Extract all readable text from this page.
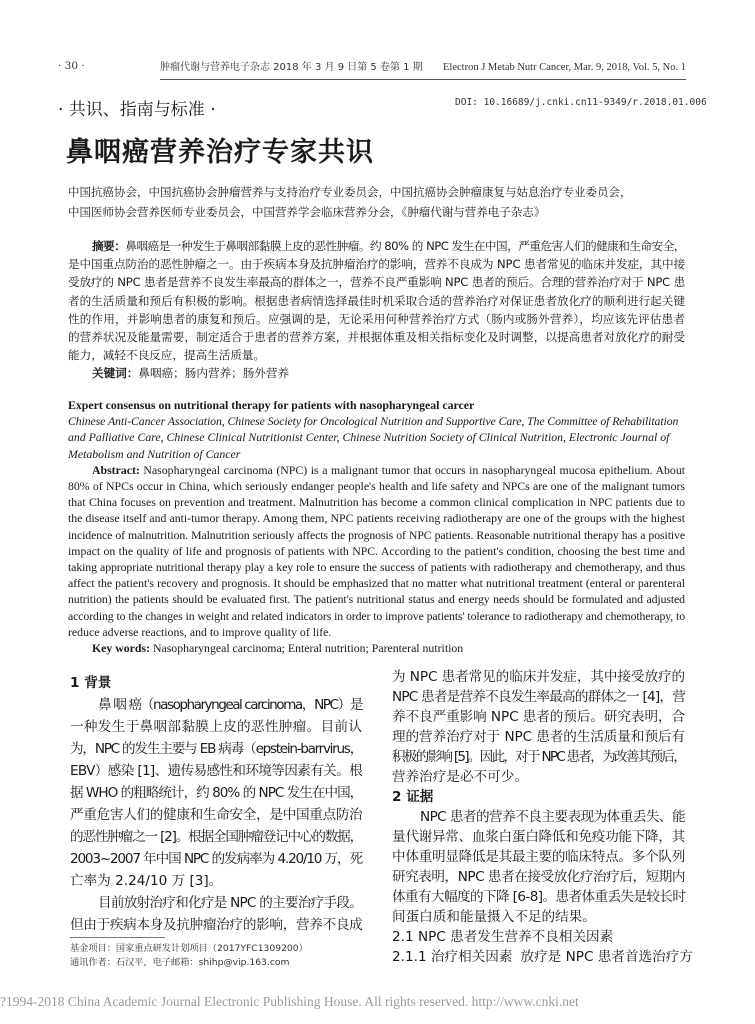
· 30 ·	肿瘤代谢与营养电子杂志 2018 年 3 月 9 日第 5 卷第 1 期 Electron J Metab Nutr Cancer, Mar. 9, 2018, Vol. 5, No. 1
· 共识、指南与标准 ·	DOI: 10.16689/j.cnki.cn11-9349/r.2018.01.006
鼻咽癌营养治疗专家共识
中国抗癌协会，中国抗癌协会肿瘤营养与支持治疗专业委员会，中国抗癌协会肿瘤康复与姑息治疗专业委员会，
中国医师协会营养医师专业委员会，中国营养学会临床营养分会，《肿瘤代谢与营养电子杂志》
摘要：鼻咽癌是一种发生于鼻咽部黏膜上皮的恶性肿瘤。约 80% 的 NPC 发生在中国，严重危害人们的健康和生命安全，
是中国重点防治的恶性肿瘤之一。由于疾病本身及抗肿瘤治疗的影响，营养不良成为 NPC 患者常见的临床并发症，其中接
受放疗的 NPC 患者是营养不良发生率最高的群体之一，营养不良严重影响 NPC 患者的预后。合理的营养治疗对于 NPC 患
者的生活质量和预后有积极的影响。根据患者病情选择最佳时机采取合适的营养治疗对保证患者放化疗的顺利进行起关键
性的作用，并影响患者的康复和预后。应强调的是，无论采用何种营养治疗方式（肠内或肠外营养），均应该先评估患者
的营养状况及能量需要，制定适合于患者的营养方案，并根据体重及相关指标变化及时调整，以提高患者对放化疗的耐受
能力，减轻不良反应，提高生活质量。
关键词：鼻咽癌；肠内营养；肠外营养
Expert consensus on nutritional therapy for patients with nasopharyngeal carcer
Chinese Anti-Cancer Association, Chinese Society for Oncological Nutrition and Supportive Care, The Committee of Rehabilitation
and Palliative Care, Chinese Clinical Nutritionist Center, Chinese Nutrition Society of Clinical Nutrition, Electronic Journal of
Metabolism and Nutrition of Cancer
Abstract: Nasopharyngeal carcinoma (NPC) is a malignant tumor that occurs in nasopharyngeal mucosa epithelium. About
80% of NPCs occur in China, which seriously endanger people's health and life safety and NPCs are one of the malignant tumors
that China focuses on prevention and treatment. Malnutrition has become a common clinical complication in NPC patients due to
the disease itself and anti-tumor therapy. Among them, NPC patients receiving radiotherapy are one of the groups with the highest
incidence of malnutrition. Malnutrition seriously affects the prognosis of NPC patients. Reasonable nutritional therapy has a positive
impact on the quality of life and prognosis of patients with NPC. According to the patient's condition, choosing the best time and
taking appropriate nutritional therapy play a key role to ensure the success of patients with radiotherapy and chemotherapy, and thus
affect the patient's recovery and prognosis. It should be emphasized that no matter what nutritional treatment (enteral or parenteral
nutrition) the patients should be evaluated first. The patient's nutritional status and energy needs should be formulated and adjusted
according to the changes in weight and related indicators in order to improve patients' tolerance to radiotherapy and chemotherapy, to
reduce adverse reactions, and to improve quality of life.
Key words: Nasopharyngeal carcinoma; Enteral nutrition; Parenteral nutrition
1 背景
鼻 咽 癌（nasopharyngeal carcinoma，NPC）是
一种发生于鼻咽部黏膜上皮的恶性肿瘤。目前认
为，NPC 的发生主要与 EB 病毒（epstein-barrvirus，
EBV）感染 [1]、遗传易感性和环境等因素有关。根
据 WHO 的粗略统计，约 80% 的 NPC 发生在中国，
严重危害人们的健康和生命安全，是中国重点防治
的恶性肿瘤之一 [2]。根据全国肿瘤登记中心的数据，
2003~2007 年中国 NPC 的发病率为 4.20/10 万，死
亡率为 2.24/10 万 [3]。
目前放射治疗和化疗是 NPC 的主要治疗手段。
但由于疾病本身及抗肿瘤治疗的影响，营养不良成
基金项目：国家重点研发计划项目（2017YFC1309200）
通讯作者：石汉平，电子邮箱：shihp@vip.163.com
为 NPC 患者常见的临床并发症，其中接受放疗的
NPC 患者是营养不良发生率最高的群体之一 [4]，营
养不良严重影响 NPC 患者的预后。研究表明，合
理的营养治疗对于 NPC 患者的生活质量和预后有
积极的影响 [5]。因此，对于 NPC 患者，为改善其预后，
营养治疗是必不可少。
2 证据
NPC 患者的营养不良主要表现为体重丢失、能
量代谢异常、血浆白蛋白降低和免疫功能下降，其
中体重明显降低是其最主要的临床特点。多个队列
研究表明，NPC 患者在接受放化疗治疗后，短期内
体重有大幅度的下降 [6-8]。患者体重丢失是较长时
间蛋白质和能量摄入不足的结果。
2.1 NPC 患者发生营养不良相关因素
2.1.1 治疗相关因素 放疗是 NPC 患者首选治疗方
?1994-2018 China Academic Journal Electronic Publishing House. All rights reserved. http://www.cnki.net
